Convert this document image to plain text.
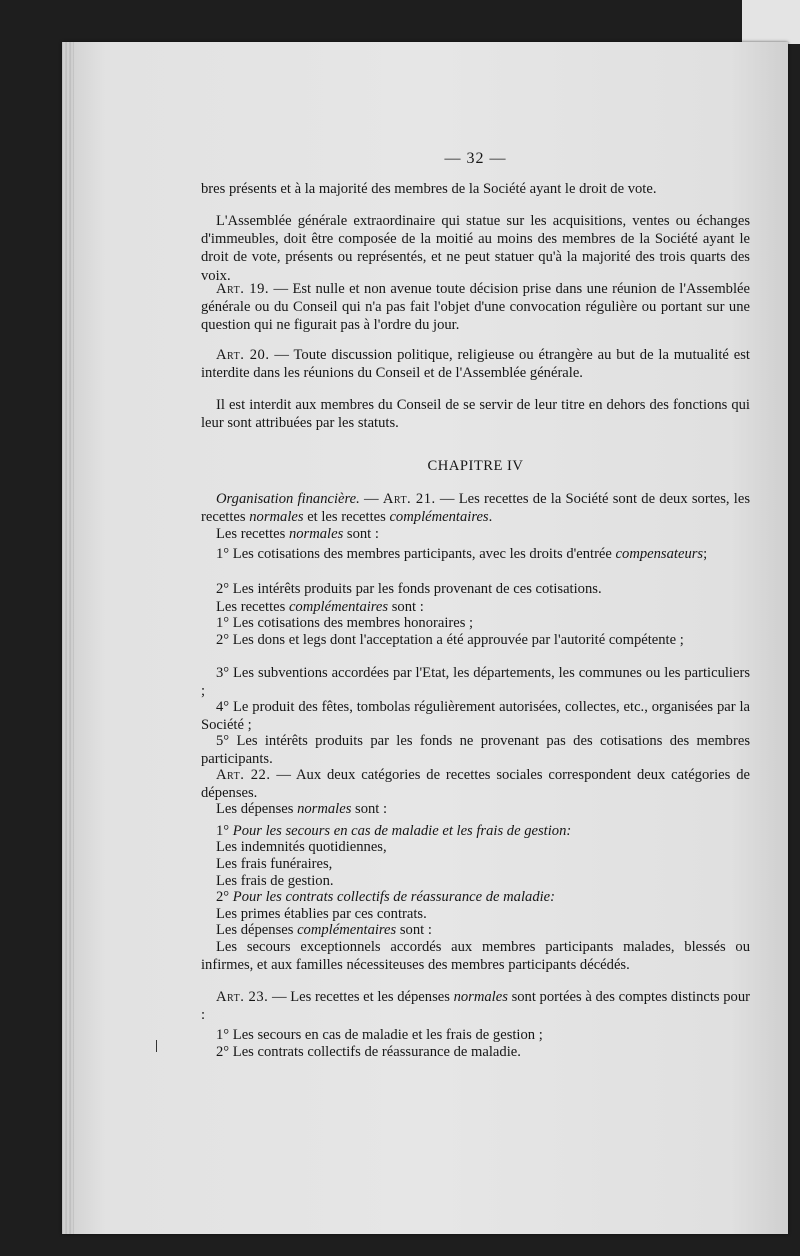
— 32 —

bres présents et à la majorité des membres de la Société ayant le droit de vote.

L'Assemblée générale extraordinaire qui statue sur les acquisitions, ventes ou échanges d'immeubles, doit être composée de la moitié au moins des membres de la Société ayant le droit de vote, présents ou représentés, et ne peut statuer qu'à la majorité des trois quarts des voix.

Art. 19. — Est nulle et non avenue toute décision prise dans une réunion de l'Assemblée générale ou du Conseil qui n'a pas fait l'objet d'une convocation régulière ou portant sur une question qui ne figurait pas à l'ordre du jour.

Art. 20. — Toute discussion politique, religieuse ou étrangère au but de la mutualité est interdite dans les réunions du Conseil et de l'Assemblée générale.

Il est interdit aux membres du Conseil de se servir de leur titre en dehors des fonctions qui leur sont attribuées par les statuts.

CHAPITRE IV

Organisation financière. — Art. 21. — Les recettes de la Société sont de deux sortes, les recettes normales et les recettes complémentaires.

Les recettes normales sont :

1° Les cotisations des membres participants, avec les droits d'entrée compensateurs;

2° Les intérêts produits par les fonds provenant de ces cotisations.

Les recettes complémentaires sont :

1° Les cotisations des membres honoraires ;

2° Les dons et legs dont l'acceptation a été approuvée par l'autorité compétente ;

3° Les subventions accordées par l'Etat, les départements, les communes ou les particuliers ;

4° Le produit des fêtes, tombolas régulièrement autorisées, collectes, etc., organisées par la Société ;

5° Les intérêts produits par les fonds ne provenant pas des cotisations des membres participants.

Art. 22. — Aux deux catégories de recettes sociales correspondent deux catégories de dépenses.

Les dépenses normales sont :

1° Pour les secours en cas de maladie et les frais de gestion:
Les indemnités quotidiennes,
Les frais funéraires,
Les frais de gestion.
2° Pour les contrats collectifs de réassurance de maladie:
Les primes établies par ces contrats.

Les dépenses complémentaires sont :

Les secours exceptionnels accordés aux membres participants malades, blessés ou infirmes, et aux familles nécessiteuses des membres participants décédés.

Art. 23. — Les recettes et les dépenses normales sont portées à des comptes distincts pour :

1° Les secours en cas de maladie et les frais de gestion ;

2° Les contrats collectifs de réassurance de maladie.
